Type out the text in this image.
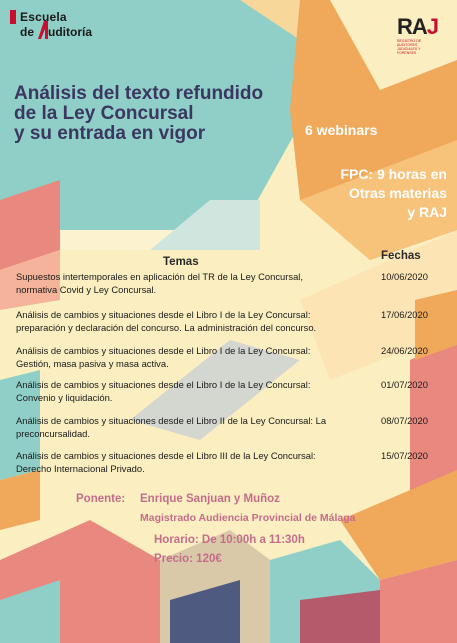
Escuela
de uditoría	RAJ
REGISTRO DE AUDITORES JUDICIALES Y FORENSES
Análisis del texto refundido
de la Ley Concursal
y su entrada en vigor	6 webinars
FPC: 9 horas en
Otras materias
y RAJ
Temas	Fechas
Supuestos intertemporales en aplicación del TR de la Ley Concursal,
normativa Covid y Ley Concursal.
10/06/2020
Análisis de cambios y situaciones desde el Libro I de la Ley Concursal:
preparación y declaración del concurso. La administración del concurso.
17/06/2020
Análisis de cambios y situaciones desde el Libro I de la Ley Concursal:
Gestión, masa pasiva y masa activa.
24/06/2020
Análisis de cambios y situaciones desde el Libro I de la Ley Concursal:
Convenio y liquidación.
01/07/2020
Análisis de cambios y situaciones desde el Libro II de la Ley Concursal: La
preconcursalidad.
08/07/2020
Análisis de cambios y situaciones desde el Libro III de la Ley Concursal:
Derecho Internacional Privado.
15/07/2020
Ponente: Enrique Sanjuan y Muñoz
Magistrado Audiencia Provincial de Málaga
Horario: De 10:00h a 11:30h
Precio: 120€
